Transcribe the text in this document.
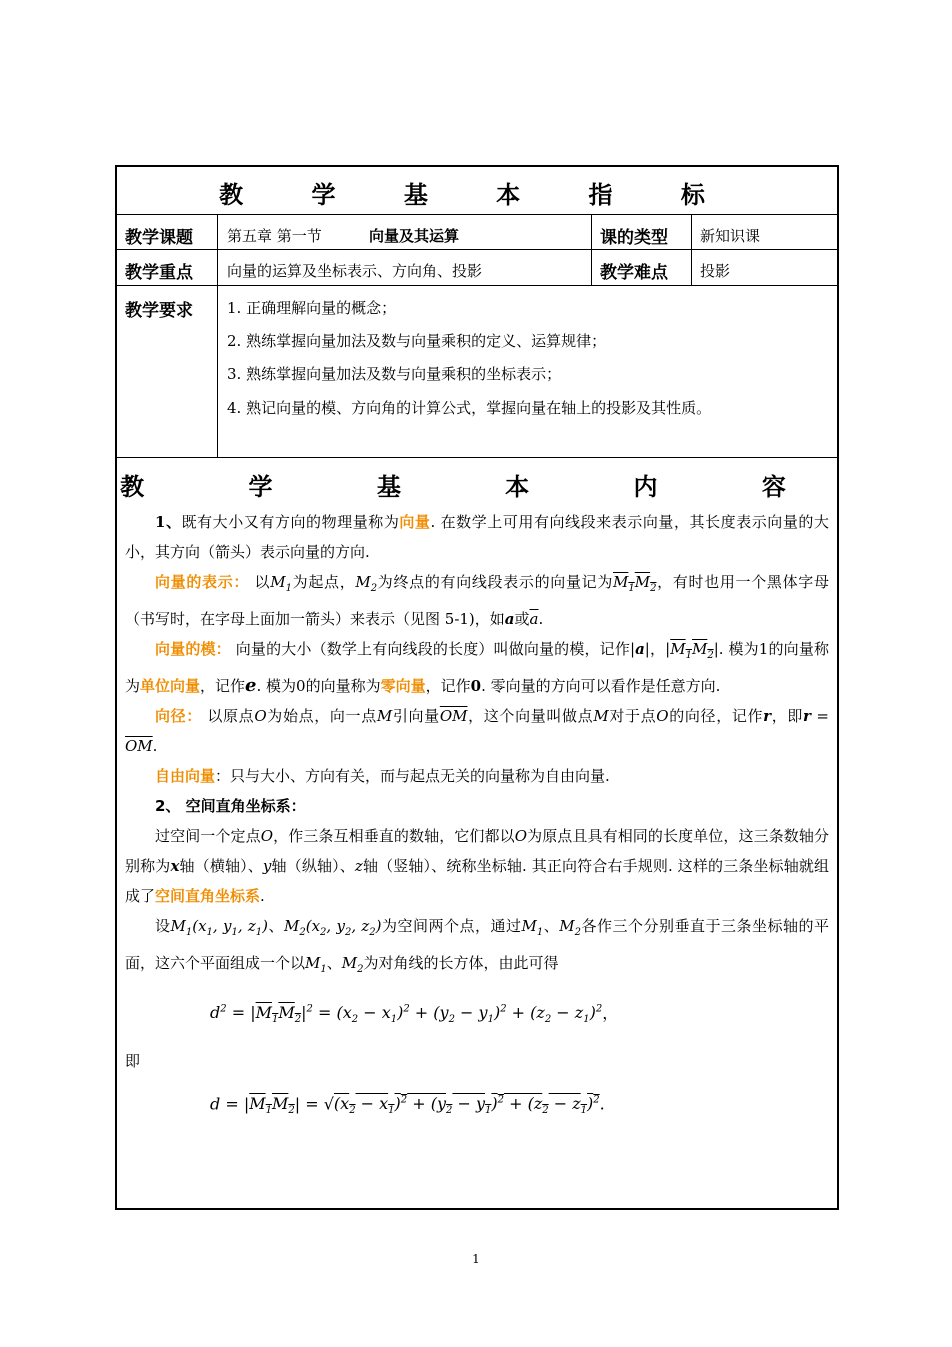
教 学 基 本 指 标
教学课题 第五章 第一节	向量及其运算	课的类型 新知识课
教学重点 向量的运算及坐标表示、方向角、投影	教学难点 投影
教学要求 1. 正确理解向量的概念；
2. 熟练掌握向量加法及数与向量乘积的定义、运算规律；
3. 熟练掌握向量加法及数与向量乘积的坐标表示；
4. 熟记向量的模、方向角的计算公式，掌握向量在轴上的投影及其性质。
教 学 基 本 内 容

1、既有大小又有方向的物理量称为向量. 在数学上可用有向线段来表示向量，其长度表示向量的大小，其方向（箭头）表示向量的方向.

向量的表示： 以$M_1$为起点，$M_2$为终点的有向线段表示的向量记为$M_1M_2$，有时也用一个黑体字母（书写时，在字母上面加一箭头）来表示（见图 5-1)，如a或$\overline{a}$.

向量的模： 向量的大小（数学上有向线段的长度）叫做向量的模，记作|a|，$|M_1M_2|$. 模为1的向量称为单位向量，记作e. 模为0的向量称为零向量，记作0. 零向量的方向可以看作是任意方向.

向径： 以原点O为始点，向一点M引向量$\overline{OM}$，这个向量叫做点M对于点O的向径，记作r，即$r = \overline{OM}$.

自由向量：只与大小、方向有关，而与起点无关的向量称为自由向量.

2、 空间直角坐标系：

过空间一个定点O，作三条互相垂直的数轴，它们都以O为原点且具有相同的长度单位，这三条数轴分别称为x轴（横轴）、y轴（纵轴）、z轴（竖轴）、统称坐标轴. 其正向符合右手规则. 这样的三条坐标轴就组成了空间直角坐标系.

设$M_1(x_1$, $y_1$, $z_1$)、$M_2(x_2$, $y_2$, $z_2$)为空间两个点，通过$M_1$、$M_2$各作三个分别垂直于三条坐标轴的平面，这六个平面组成一个以$M_1$、$M_2$为对角线的长方体，由此可得

$d^2 = |M_1M_2|^2 = (x_2 - x_1)^2 + (y_2 - y_1)^2 + (z_2 - z_1)^2$，

即

$d = |M_1M_2| = √(x_2 - x_1)^2 + (y_2 - y_1)^2 + (z_2 - z_1)^2$.
1
